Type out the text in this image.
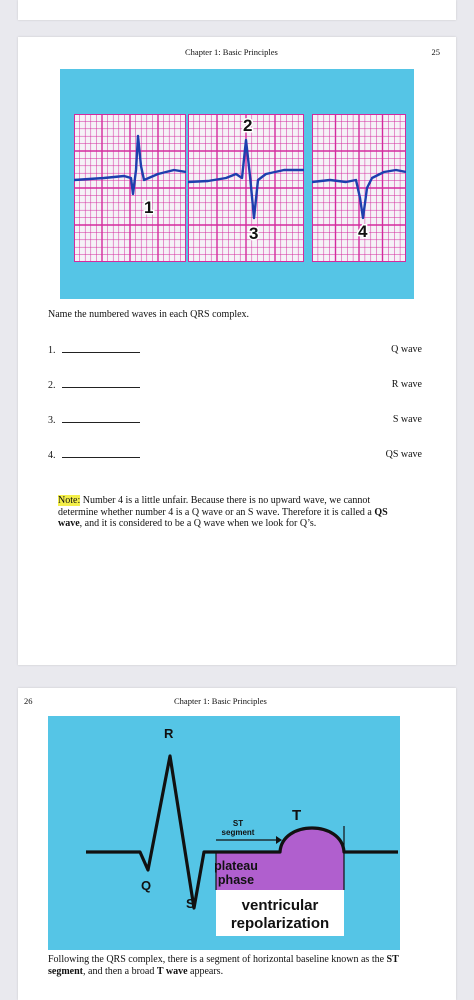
Chapter 1: Basic Principles	25
1
2
3	4
Name the numbered waves in each QRS complex.
1.	Q wave
2.	R wave
3.	S wave
4.	QS wave
Note: Number 4 is a little unfair. Because there is no upward wave, we cannot determine whether number 4 is a Q wave or an S wave. Therefore it is called a QS wave, and it is considered to be a Q wave when we look for Q’s.
26	Chapter 1: Basic Principles
R
Q
S
T
ST
segment
plateau
phase
ventricular
repolarization
Following the QRS complex, there is a segment of horizontal baseline known as the ST segment, and then a broad T wave appears.
